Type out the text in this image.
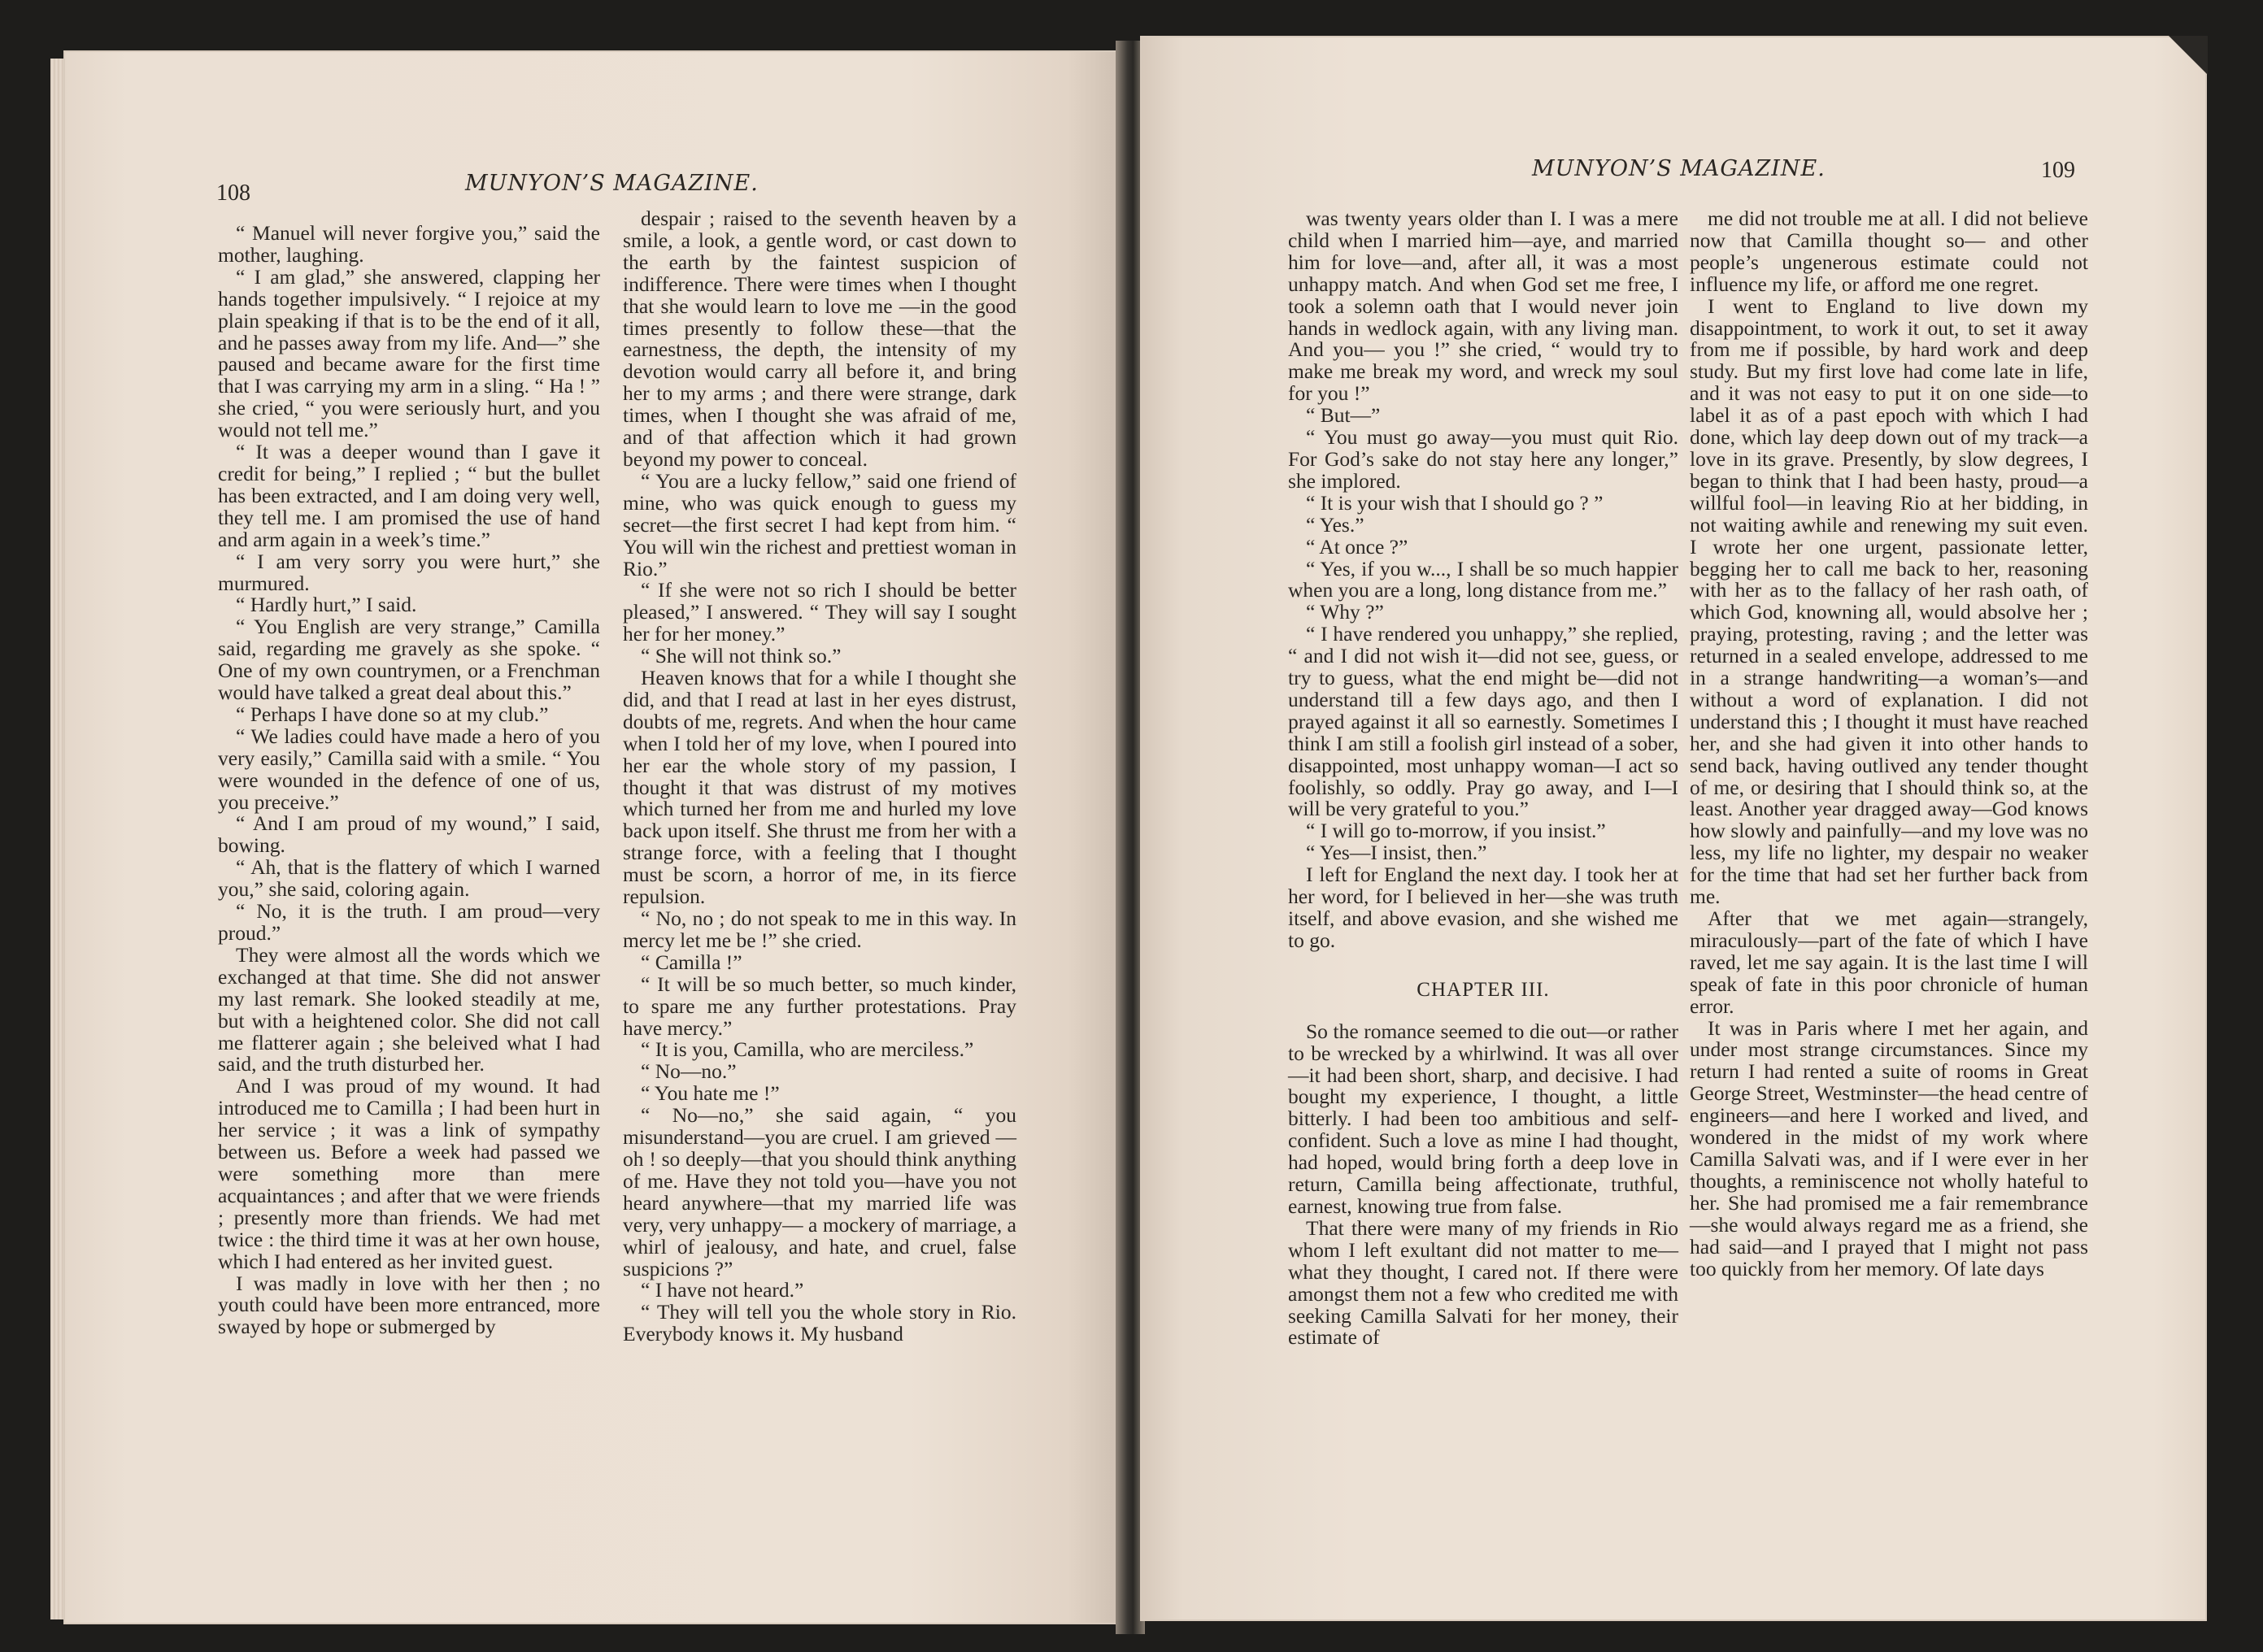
108	MUNYON’S MAGAZINE.

“ Manuel will never forgive you,” said the mother, laughing.

“ I am glad,” she answered, clapping her hands together impulsively. “ I rejoice at my plain speaking if that is to be the end of it all, and he passes away from my life. And—” she paused and became aware for the first time that I was carrying my arm in a sling. “ Ha ! ” she cried, “ you were seriously hurt, and you would not tell me.”

“ It was a deeper wound than I gave it credit for being,” I replied ; “ but the bullet has been extracted, and I am doing very well, they tell me. I am promised the use of hand and arm again in a week’s time.”

“ I am very sorry you were hurt,” she murmured.

“ Hardly hurt,” I said.

“ You English are very strange,” Camilla said, regarding me gravely as she spoke. “ One of my own countrymen, or a Frenchman would have talked a great deal about this.”

“ Perhaps I have done so at my club.”

“ We ladies could have made a hero of you very easily,” Camilla said with a smile. “ You were wounded in the defence of one of us, you preceive.”

“ And I am proud of my wound,” I said, bowing.

“ Ah, that is the flattery of which I warned you,” she said, coloring again.

“ No, it is the truth. I am proud—very proud.”

They were almost all the words which we exchanged at that time. She did not answer my last remark. She looked steadily at me, but with a heightened color. She did not call me flatterer again ; she beleived what I had said, and the truth disturbed her.

And I was proud of my wound. It had introduced me to Camilla ; I had been hurt in her service ; it was a link of sympathy between us. Before a week had passed we were something more than mere acquaintances ; and after that we were friends ; presently more than friends. We had met twice : the third time it was at her own house, which I had entered as her invited guest.

I was madly in love with her then ; no youth could have been more entranced, more swayed by hope or submerged by

despair ; raised to the seventh heaven by a smile, a look, a gentle word, or cast down to the earth by the faintest suspicion of indifference. There were times when I thought that she would learn to love me —in the good times presently to follow these—that the earnestness, the depth, the intensity of my devotion would carry all before it, and bring her to my arms ; and there were strange, dark times, when I thought she was afraid of me, and of that affection which it had grown beyond my power to conceal.

“ You are a lucky fellow,” said one friend of mine, who was quick enough to guess my secret—the first secret I had kept from him. “ You will win the richest and prettiest woman in Rio.”

“ If she were not so rich I should be better pleased,” I answered. “ They will say I sought her for her money.”

“ She will not think so.”

Heaven knows that for a while I thought she did, and that I read at last in her eyes distrust, doubts of me, regrets. And when the hour came when I told her of my love, when I poured into her ear the whole story of my passion, I thought it that was distrust of my motives which turned her from me and hurled my love back upon itself. She thrust me from her with a strange force, with a feeling that I thought must be scorn, a horror of me, in its fierce repulsion.

“ No, no ; do not speak to me in this way. In mercy let me be !” she cried.

“ Camilla !”

“ It will be so much better, so much kinder, to spare me any further protestations. Pray have mercy.”

“ It is you, Camilla, who are merciless.”

“ No—no.”

“ You hate me !”

“ No—no,” she said again, “ you misunderstand—you are cruel. I am grieved —oh ! so deeply—that you should think anything of me. Have they not told you—have you not heard anywhere—that my married life was very, very unhappy— a mockery of marriage, a whirl of jealousy, and hate, and cruel, false suspicions ?”

“ I have not heard.”

“ They will tell you the whole story in Rio. Everybody knows it. My husband

MUNYON’S MAGAZINE.	109

was twenty years older than I. I was a mere child when I married him—aye, and married him for love—and, after all, it was a most unhappy match. And when God set me free, I took a solemn oath that I would never join hands in wedlock again, with any living man. And you— you !” she cried, “ would try to make me break my word, and wreck my soul for you !”

“ But—”

“ You must go away—you must quit Rio. For God’s sake do not stay here any longer,” she implored.

“ It is your wish that I should go ? ”

“ Yes.”

“ At once ?”

“ Yes, if you w..., I shall be so much happier when you are a long, long distance from me.”

“ Why ?”

“ I have rendered you unhappy,” she replied, “ and I did not wish it—did not see, guess, or try to guess, what the end might be—did not understand till a few days ago, and then I prayed against it all so earnestly. Sometimes I think I am still a foolish girl instead of a sober, disappointed, most unhappy woman—I act so foolishly, so oddly. Pray go away, and I—I will be very grateful to you.”

“ I will go to-morrow, if you insist.”

“ Yes—I insist, then.”

I left for England the next day. I took her at her word, for I believed in her—she was truth itself, and above evasion, and she wished me to go.

CHAPTER III.

So the romance seemed to die out—or rather to be wrecked by a whirlwind. It was all over—it had been short, sharp, and decisive. I had bought my experience, I thought, a little bitterly. I had been too ambitious and self-confident. Such a love as mine I had thought, had hoped, would bring forth a deep love in return, Camilla being affectionate, truthful, earnest, knowing true from false.

That there were many of my friends in Rio whom I left exultant did not matter to me—what they thought, I cared not. If there were amongst them not a few who credited me with seeking Camilla Salvati for her money, their estimate of

me did not trouble me at all. I did not believe now that Camilla thought so— and other people’s ungenerous estimate could not influence my life, or afford me one regret.

I went to England to live down my disappointment, to work it out, to set it away from me if possible, by hard work and deep study. But my first love had come late in life, and it was not easy to put it on one side—to label it as of a past epoch with which I had done, which lay deep down out of my track—a love in its grave. Presently, by slow degrees, I began to think that I had been hasty, proud—a willful fool—in leaving Rio at her bidding, in not waiting awhile and renewing my suit even. I wrote her one urgent, passionate letter, begging her to call me back to her, reasoning with her as to the fallacy of her rash oath, of which God, knowning all, would absolve her ; praying, protesting, raving ; and the letter was returned in a sealed envelope, addressed to me in a strange handwriting—a woman’s—and without a word of explanation. I did not understand this ; I thought it must have reached her, and she had given it into other hands to send back, having outlived any tender thought of me, or desiring that I should think so, at the least. Another year dragged away—God knows how slowly and painfully—and my love was no less, my life no lighter, my despair no weaker for the time that had set her further back from me.

After that we met again—strangely, miraculously—part of the fate of which I have raved, let me say again. It is the last time I will speak of fate in this poor chronicle of human error.

It was in Paris where I met her again, and under most strange circumstances. Since my return I had rented a suite of rooms in Great George Street, Westminster—the head centre of engineers—and here I worked and lived, and wondered in the midst of my work where Camilla Salvati was, and if I were ever in her thoughts, a reminiscence not wholly hateful to her. She had promised me a fair remembrance—she would always regard me as a friend, she had said—and I prayed that I might not pass too quickly from her memory. Of late days
